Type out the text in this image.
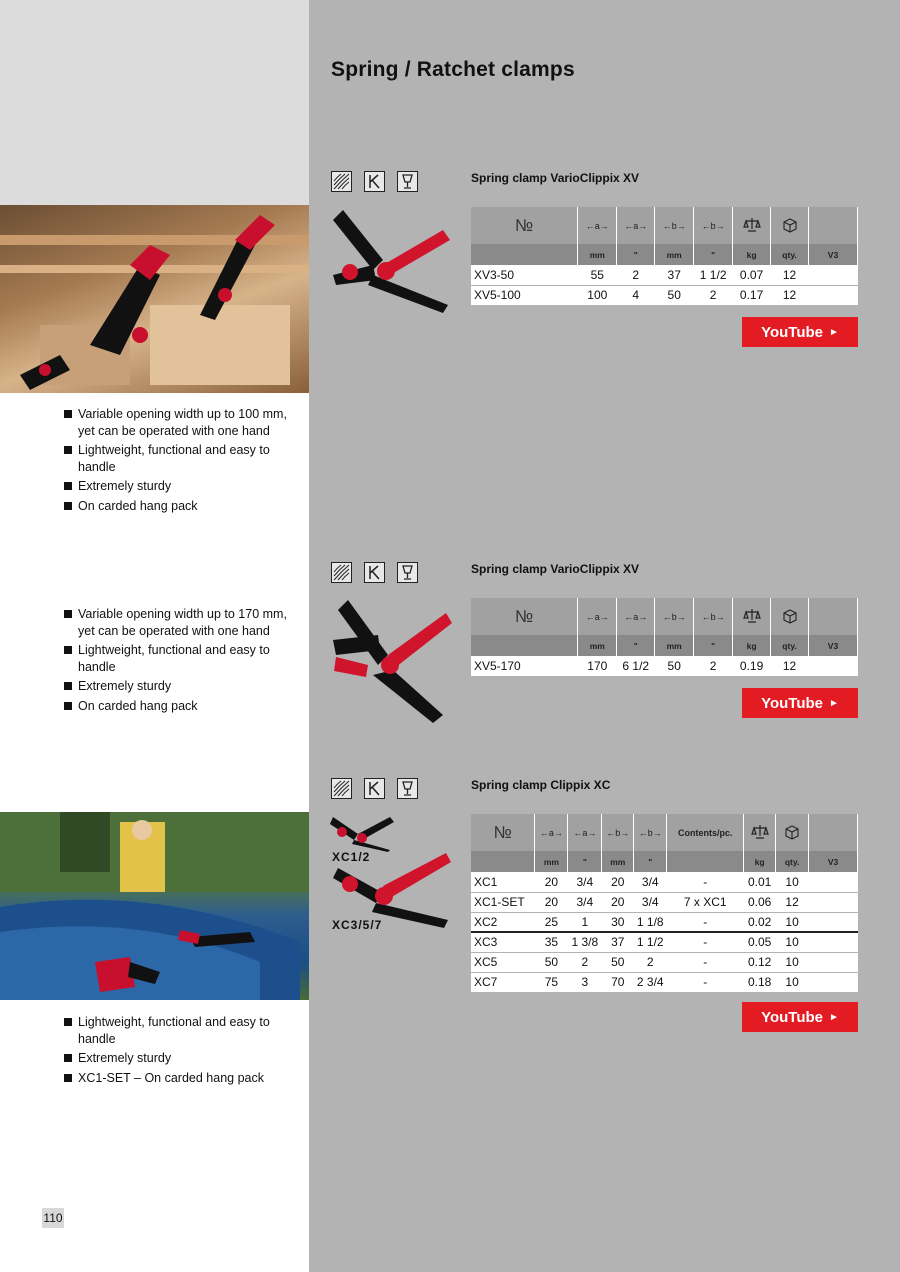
Spring / Ratchet clamps
Spring clamp VarioClippix XV
Variable opening width up to 100 mm, yet can be operated with one hand
Lightweight, functional and easy to handle
Extremely sturdy
On carded hang pack
№	←a→	←a→	←b→	←b→			
	mm	"	mm	"	kg	qty.	V3
XV3-50	55	2	37	1 1/2	0.07	12	
XV5-100	100	4	50	2	0.17	12	
YouTube ►
Spring clamp VarioClippix XV
Variable opening width up to 170 mm, yet can be operated with one hand
Lightweight, functional and easy to handle
Extremely sturdy
On carded hang pack
№	←a→	←a→	←b→	←b→			
	mm	"	mm	"	kg	qty.	V3
XV5-170	170	6 1/2	50	2	0.19	12	
YouTube ►
Spring clamp Clippix XC
XC1/2
XC3/5/7
Lightweight, functional and easy to handle
Extremely sturdy
XC1-SET – On carded hang pack
№	←a→	←a→	←b→	←b→	Contents/pc.			
	mm	"	mm	"		kg	qty.	V3
XC1	20	3/4	20	3/4	-	0.01	10	
XC1-SET	20	3/4	20	3/4	7 x XC1	0.06	12	
XC2	25	1	30	1 1/8	-	0.02	10	
XC3	35	1 3/8	37	1 1/2	-	0.05	10	
XC5	50	2	50	2	-	0.12	10	
XC7	75	3	70	2 3/4	-	0.18	10	
YouTube ►
110
